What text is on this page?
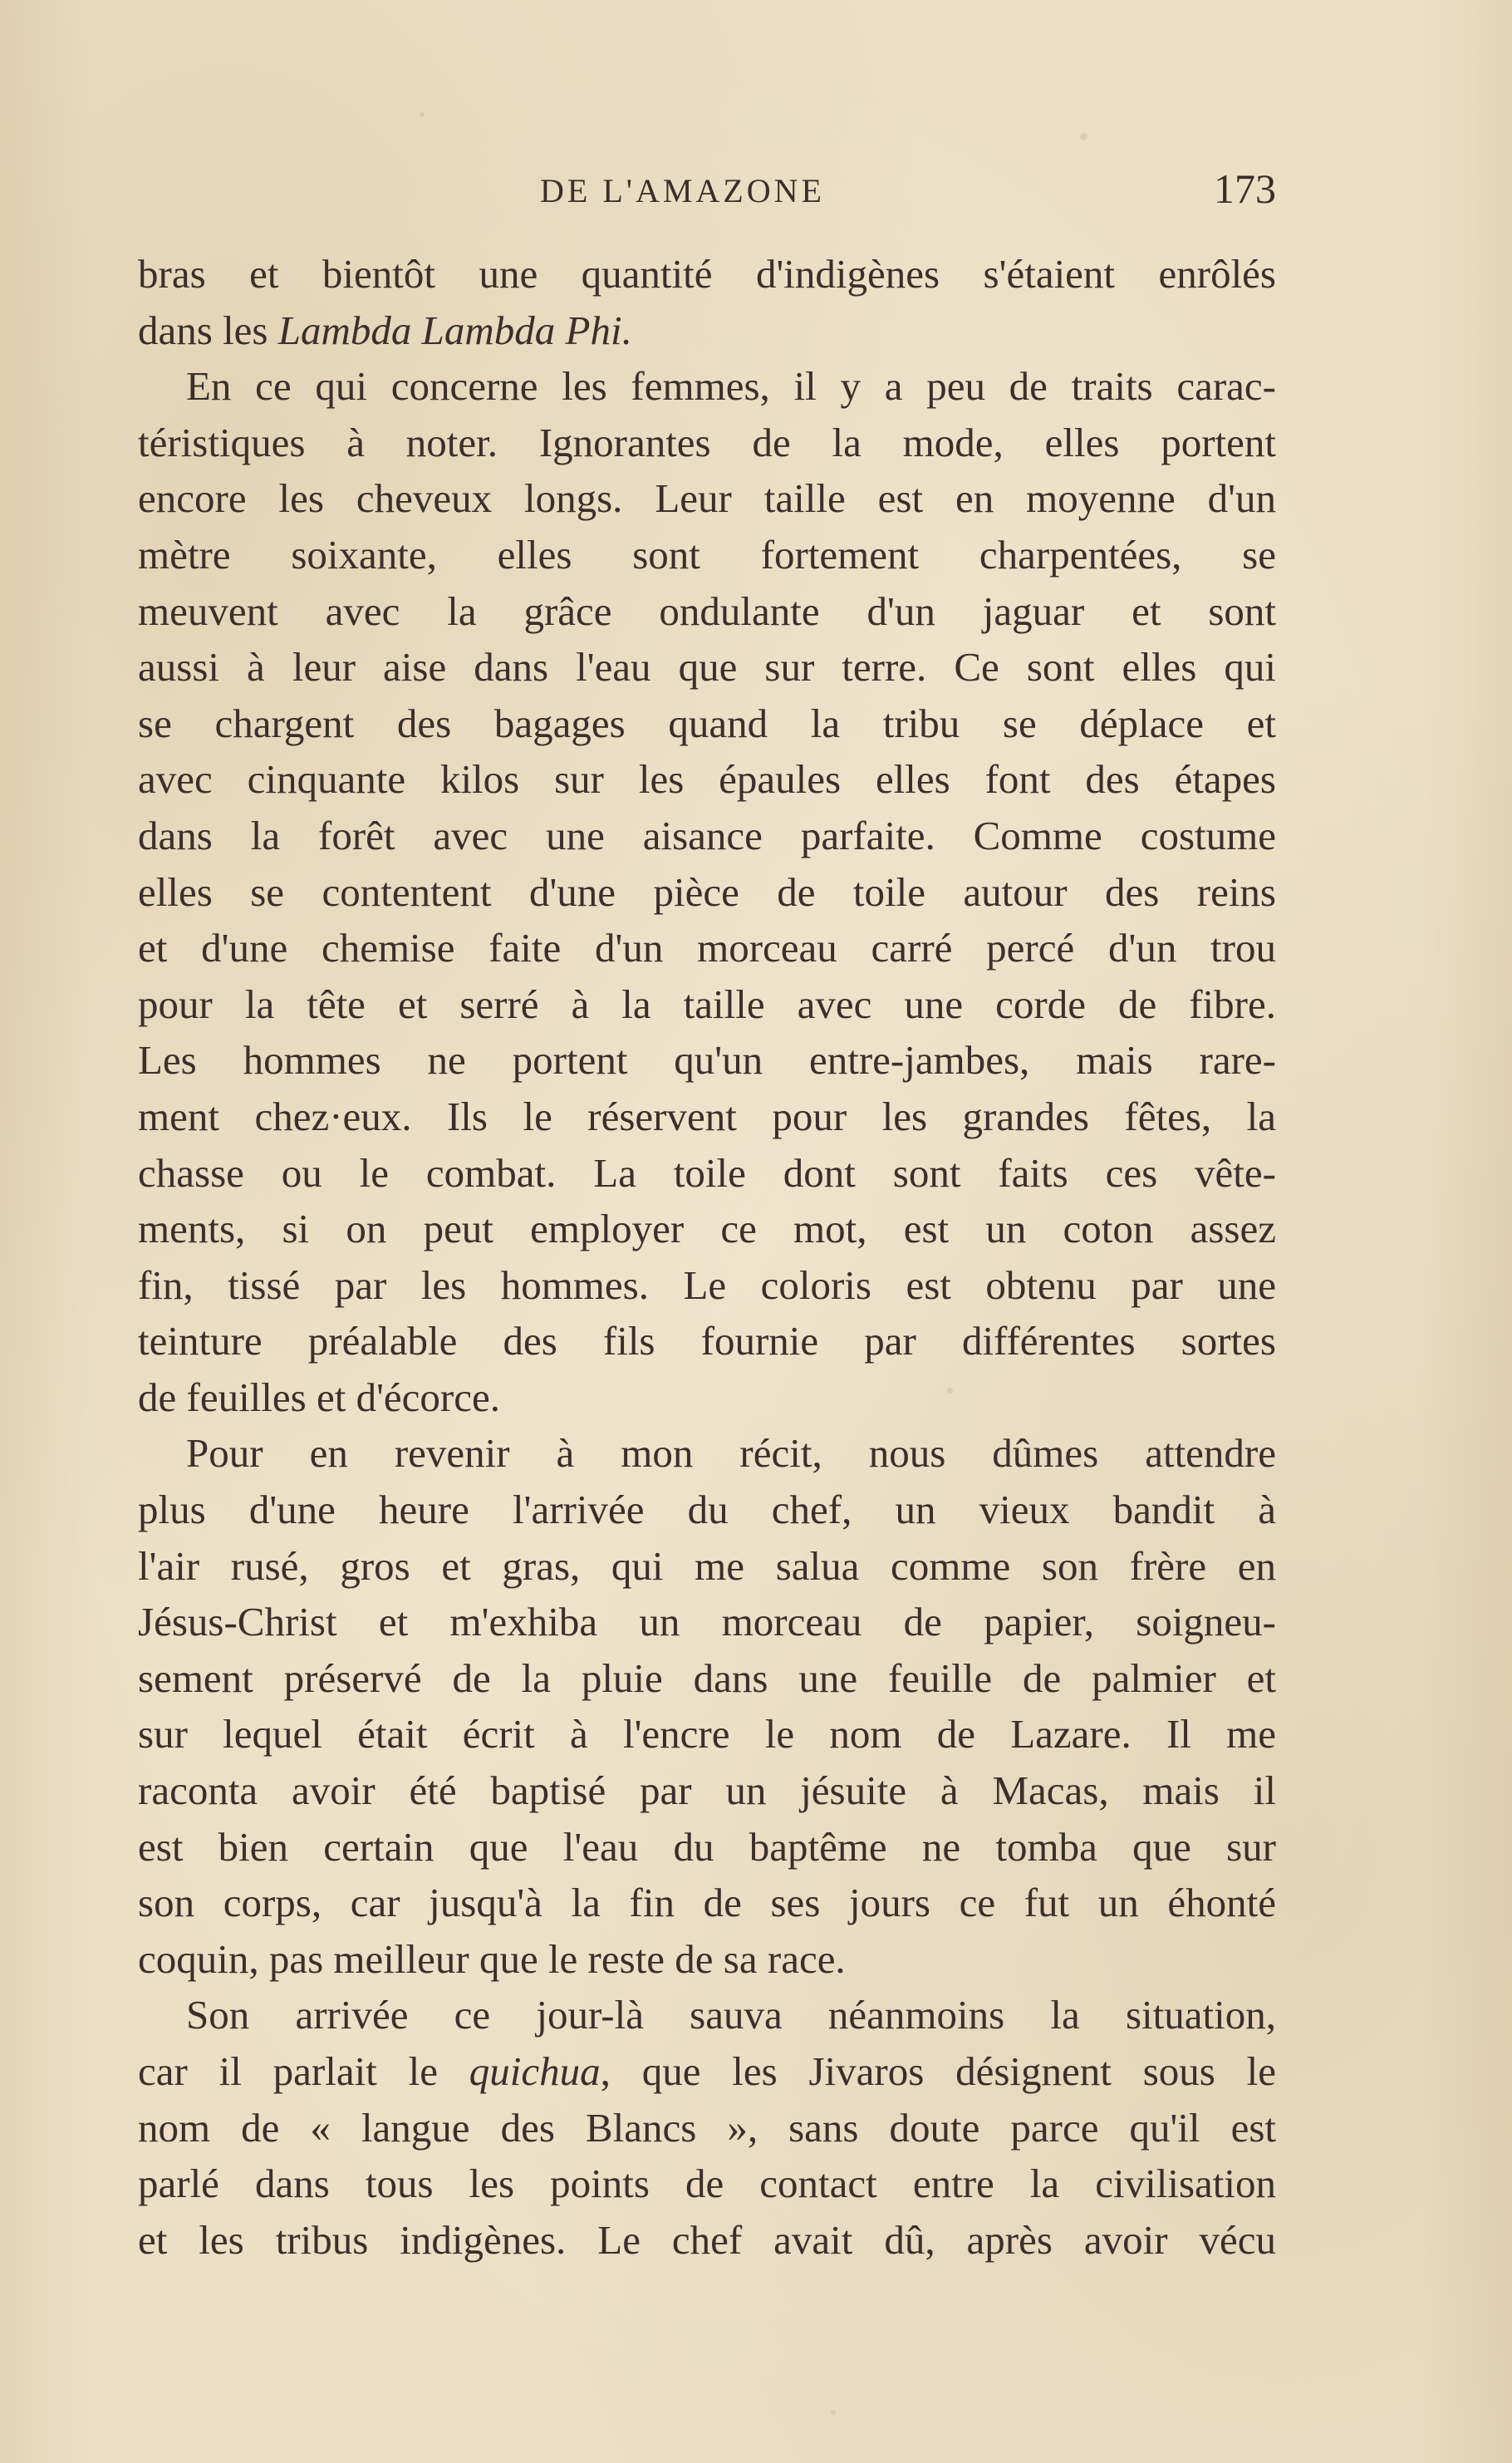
DE L'AMAZONE	173
bras et bientôt une quantité d'indigènes s'étaient enrôlés
dans les Lambda Lambda Phi.
En ce qui concerne les femmes, il y a peu de traits carac-
téristiques à noter. Ignorantes de la mode, elles portent
encore les cheveux longs. Leur taille est en moyenne d'un
mètre soixante, elles sont fortement charpentées, se
meuvent avec la grâce ondulante d'un jaguar et sont
aussi à leur aise dans l'eau que sur terre. Ce sont elles qui
se chargent des bagages quand la tribu se déplace et
avec cinquante kilos sur les épaules elles font des étapes
dans la forêt avec une aisance parfaite. Comme costume
elles se contentent d'une pièce de toile autour des reins
et d'une chemise faite d'un morceau carré percé d'un trou
pour la tête et serré à la taille avec une corde de fibre.
Les hommes ne portent qu'un entre-jambes, mais rare-
ment chez·eux. Ils le réservent pour les grandes fêtes, la
chasse ou le combat. La toile dont sont faits ces vête-
ments, si on peut employer ce mot, est un coton assez
fin, tissé par les hommes. Le coloris est obtenu par une
teinture préalable des fils fournie par différentes sortes
de feuilles et d'écorce.
Pour en revenir à mon récit, nous dûmes attendre
plus d'une heure l'arrivée du chef, un vieux bandit à
l'air rusé, gros et gras, qui me salua comme son frère en
Jésus-Christ et m'exhiba un morceau de papier, soigneu-
sement préservé de la pluie dans une feuille de palmier et
sur lequel était écrit à l'encre le nom de Lazare. Il me
raconta avoir été baptisé par un jésuite à Macas, mais il
est bien certain que l'eau du baptême ne tomba que sur
son corps, car jusqu'à la fin de ses jours ce fut un éhonté
coquin, pas meilleur que le reste de sa race.
Son arrivée ce jour-là sauva néanmoins la situation,
car il parlait le quichua, que les Jivaros désignent sous le
nom de « langue des Blancs », sans doute parce qu'il est
parlé dans tous les points de contact entre la civilisation
et les tribus indigènes. Le chef avait dû, après avoir vécu
